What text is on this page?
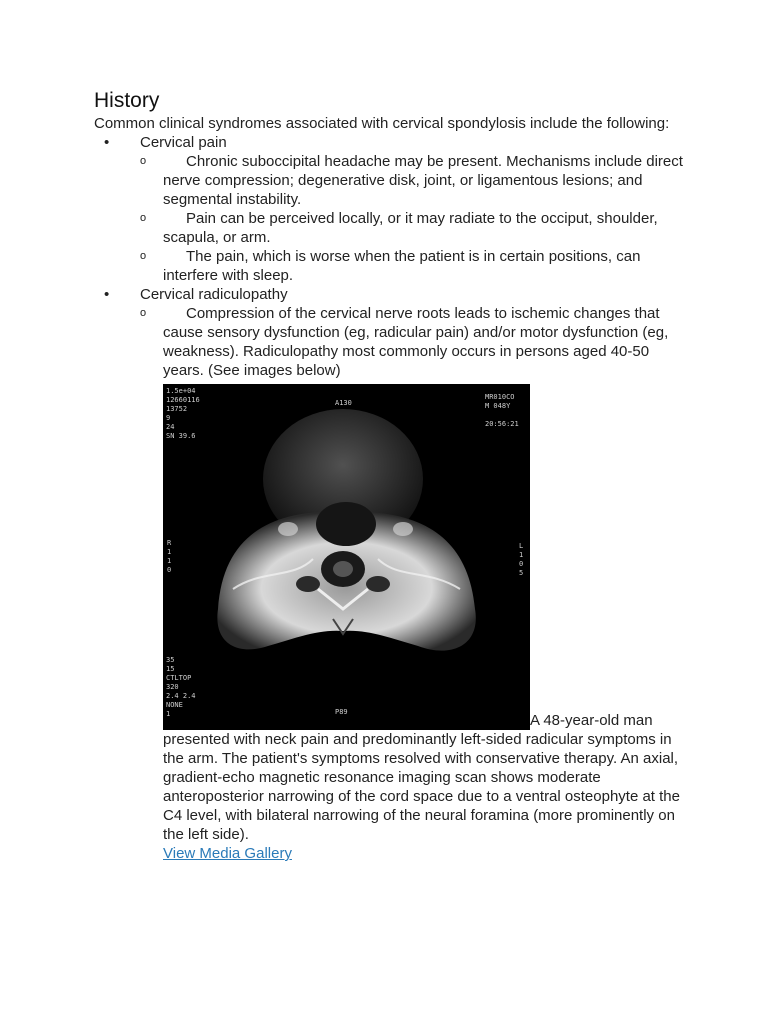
History

Common clinical syndromes associated with cervical spondylosis include the following:

• Cervical pain
o	Chronic suboccipital headache may be present. Mechanisms include direct nerve compression; degenerative disk, joint, or ligamentous lesions; and segmental instability.
o	Pain can be perceived locally, or it may radiate to the occiput, shoulder, scapula, or arm.
o	The pain, which is worse when the patient is in certain positions, can interfere with sleep.
• Cervical radiculopathy
o	Compression of the cervical nerve roots leads to ischemic changes that cause sensory dysfunction (eg, radicular pain) and/or motor dysfunction (eg, weakness). Radiculopathy most commonly occurs in persons aged 40-50 years. (See images below)
1.5e+04
12660116
13752
9
24
SN 39.6
A130
MR010CO
M 048Y

20:56:21
R
1
1
0
L
1
0
5
35
15
CTLTOP
320
2.4 2.4
NONE
1	P89	A 48-year-old man presented with neck pain and predominantly left-sided radicular symptoms in the arm. The patient's symptoms resolved with conservative therapy. An axial, gradient-echo magnetic resonance imaging scan shows moderate anteroposterior narrowing of the cord space due to a ventral osteophyte at the C4 level, with bilateral narrowing of the neural foramina (more prominently on the left side).
View Media Gallery
